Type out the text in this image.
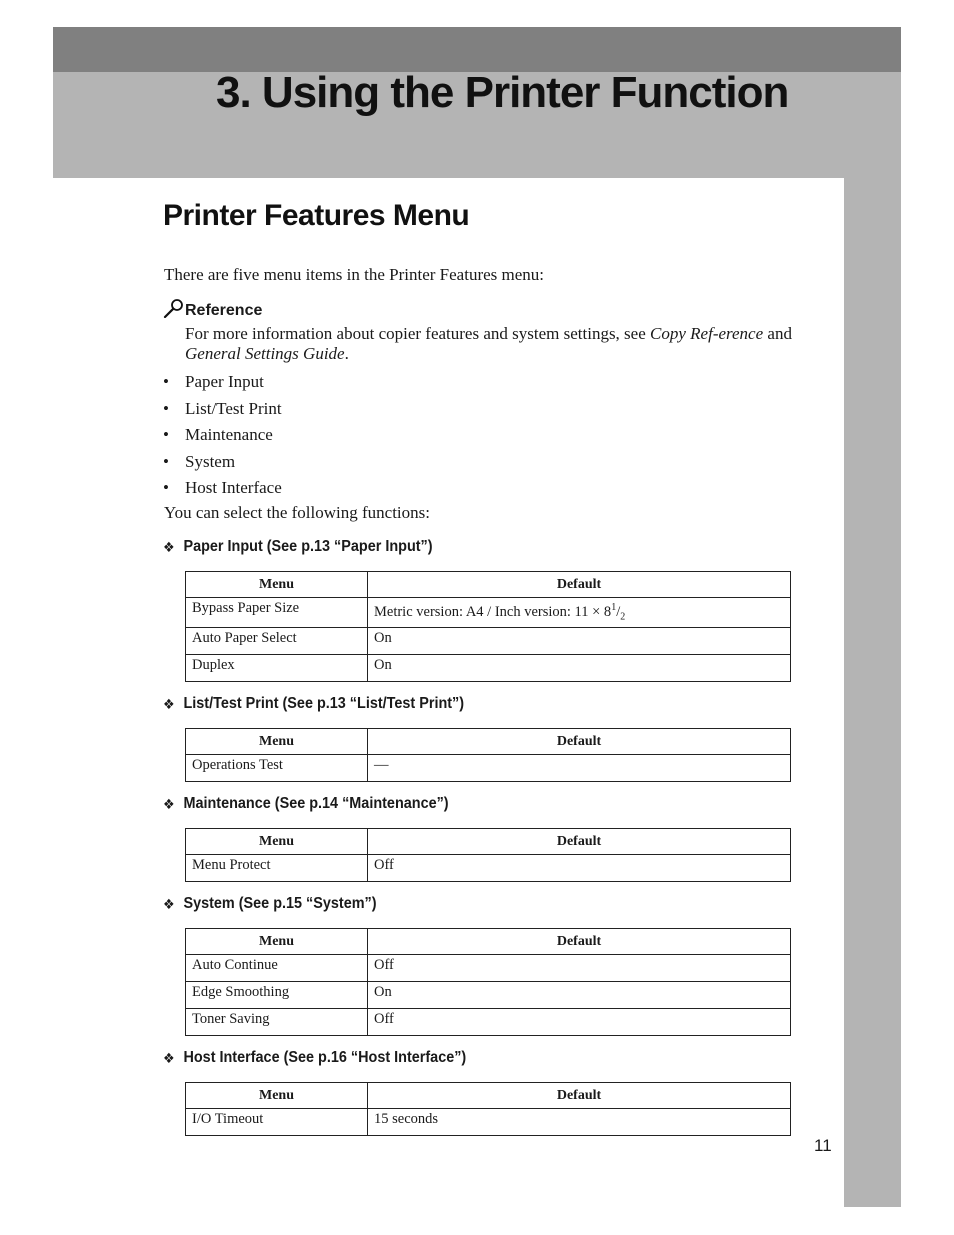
3. Using the Printer Function
Printer Features Menu
There are five menu items in the Printer Features menu:
Reference
For more information about copier features and system settings, see Copy Ref-erence and General Settings Guide.
• Paper Input
• List/Test Print
• Maintenance
• System
• Host Interface
You can select the following functions:
❖ Paper Input (See p.13 “Paper Input”)
Menu	Default
Bypass Paper Size	Metric version: A4 / Inch version: $11 \times 8^1/_2$
Auto Paper Select	On
Duplex	On
❖ List/Test Print (See p.13 “List/Test Print”)
Menu	Default
Operations Test	—
❖ Maintenance (See p.14 “Maintenance”)
Menu	Default
Menu Protect	Off
❖ System (See p.15 “System”)
Menu	Default
Auto Continue	Off
Edge Smoothing	On
Toner Saving	Off
❖ Host Interface (See p.16 “Host Interface”)
Menu	Default
I/O Timeout	15 seconds
11
